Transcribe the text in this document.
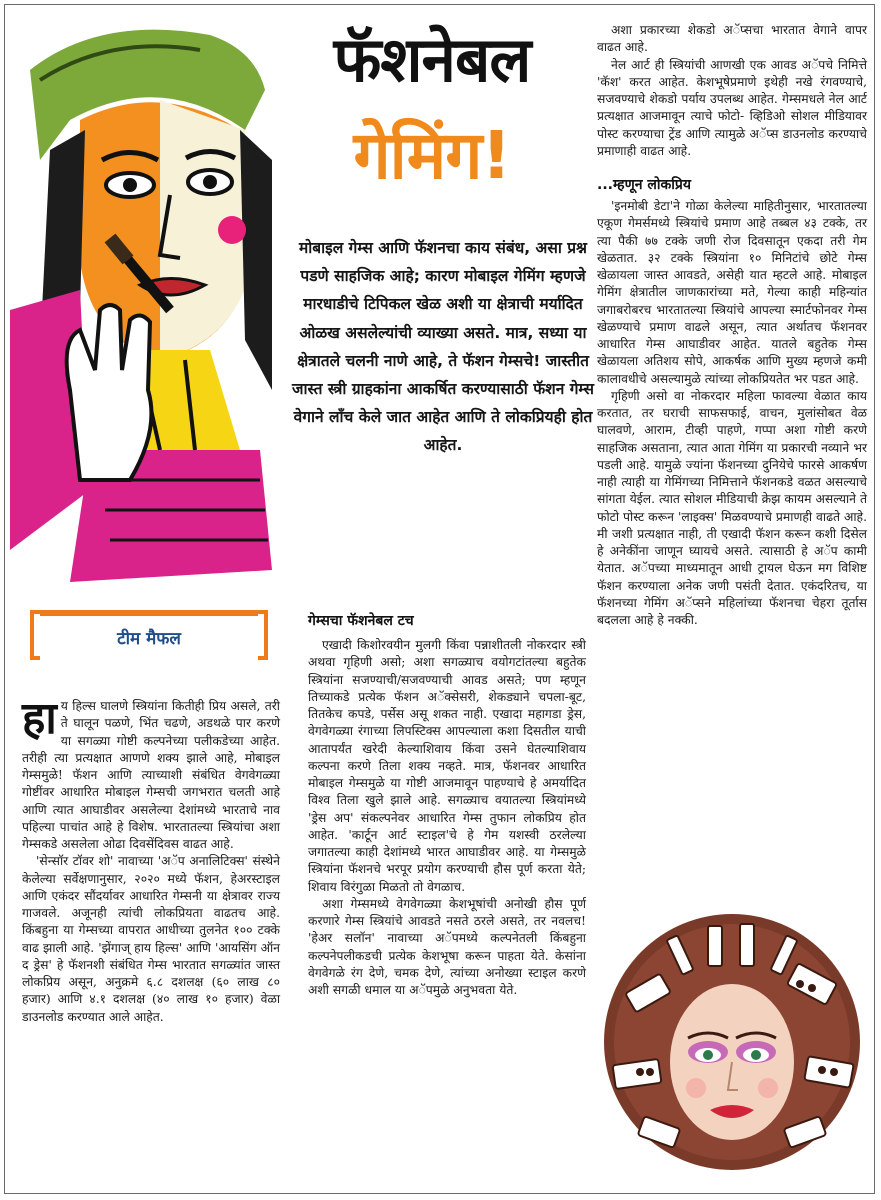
फॅशनेबल
गेमिंग!

मोबाइल गेम्स आणि फॅशनचा काय संबंध, असा प्रश्न पडणे साहजिक आहे; कारण मोबाइल गेमिंग म्हणजे मारधाडीचे टिपिकल खेळ अशी या क्षेत्राची मर्यादित ओळख असलेल्यांची व्याख्या असते. मात्र, सध्या या क्षेत्रातले चलनी नाणे आहे, ते फॅशन गेम्सचे! जास्तीत जास्त स्त्री ग्राहकांना आकर्षित करण्यासाठी फॅशन गेम्स वेगाने लाँच केले जात आहेत आणि ते लोकप्रियही होत आहेत.

टीम मैफल

हाय हिल्स घालणे स्त्रियांना कितीही प्रिय असले, तरी ते घालून पळणे, भिंत चढणे, अडथळे पार करणे या सगळ्या गोष्टी कल्पनेच्या पलीकडेच्या आहेत. तरीही त्या प्रत्यक्षात आणणे शक्य झाले आहे, मोबाइल गेम्समुळे! फॅशन आणि त्याच्याशी संबंधित वेगवेगळ्या गोष्टींवर आधारित मोबाइल गेम्सची जगभरात चलती आहे आणि त्यात आघाडीवर असलेल्या देशांमध्ये भारताचे नाव पहिल्या पाचांत आहे हे विशेष. भारतातल्या स्त्रियांचा अशा गेम्सकडे असलेला ओढा दिवसेंदिवस वाढत आहे.

'सेन्सॉर टॉवर शो' नावाच्या 'अॅप अनालिटिक्स' संस्थेने केलेल्या सर्वेक्षणानुसार, २०२० मध्ये फॅशन, हेअरस्टाइल आणि एकंदर सौंदर्यावर आधारित गेम्सनी या क्षेत्रावर राज्य गाजवले. अजूनही त्यांची लोकप्रियता वाढतच आहे. किंबहुना या गेम्सच्या वापरात आधीच्या तुलनेत १०० टक्के वाढ झाली आहे. 'झेंगाज् हाय हिल्स' आणि 'आयसिंग ऑन द ड्रेस' हे फॅशनशी संबंधित गेम्स भारतात सगळ्यांत जास्त लोकप्रिय असून, अनुक्रमे ६.८ दशलक्ष (६० लाख ८० हजार) आणि ४.१ दशलक्ष (४० लाख १० हजार) वेळा डाउनलोड करण्यात आले आहेत.

गेम्सचा फॅशनेबल टच

एखादी किशोरवयीन मुलगी किंवा पन्नाशीतली नोकरदार स्त्री अथवा गृहिणी असो; अशा सगळ्याच वयोगटांतल्या बहुतेक स्त्रियांना सजण्याची/सजवण्याची आवड असते; पण म्हणून तिच्याकडे प्रत्येक फॅशन अॅक्सेसरी, शेकड्याने चपला-बूट, तितकेच कपडे, पर्सेस असू शकत नाही. एखादा महागडा ड्रेस, वेगवेगळ्या रंगाच्या लिपस्टिक्स आपल्याला कशा दिसतील याची आतापर्यंत खरेदी केल्याशिवाय किंवा उसने घेतल्याशिवाय कल्पना करणे तिला शक्य नव्हते. मात्र, फॅशनवर आधारित मोबाइल गेम्समुळे या गोष्टी आजमावून पाहण्याचे हे अमर्यादित विश्व तिला खुले झाले आहे. सगळ्याच वयातल्या स्त्रियांमध्ये 'ड्रेस अप' संकल्पनेवर आधारित गेम्स तुफान लोकप्रिय होत आहेत. 'कार्टून आर्ट स्टाइल'चे हे गेम यशस्वी ठरलेल्या जगातल्या काही देशांमध्ये भारत आघाडीवर आहे. या गेम्समुळे स्त्रियांना फॅशनचे भरपूर प्रयोग करण्याची हौस पूर्ण करता येते; शिवाय विरंगुळा मिळतो तो वेगळाच.

अशा गेम्समध्ये वेगवेगळ्या केशभूषांची अनोखी हौस पूर्ण करणारे गेम्स स्त्रियांचे आवडते नसते ठरले असते, तर नवलच! 'हेअर सलॉन' नावाच्या अॅपमध्ये कल्पनेतली किंबहुना कल्पनेपलीकडची प्रत्येक केशभूषा करून पाहता येते. केसांना वेगवेगळे रंग देणे, चमक देणे, त्यांच्या अनोख्या स्टाइल करणे अशी सगळी धमाल या अॅपमुळे अनुभवता येते.

अशा प्रकारच्या शेकडो अॅप्सचा भारतात वेगाने वापर वाढत आहे.

नेल आर्ट ही स्त्रियांची आणखी एक आवड अॅपचे निमित्ते 'कॅश' करत आहेत. केशभूषेप्रमाणे इथेही नखे रंगवण्याचे, सजवण्याचे शेकडो पर्याय उपलब्ध आहेत. गेम्समधले नेल आर्ट प्रत्यक्षात आजमावून त्याचे फोटो- व्हिडिओ सोशल मीडियावर पोस्ट करण्याचा ट्रेंड आणि त्यामुळे अॅप्स डाउनलोड करण्याचे प्रमाणाही वाढत आहे.

...म्हणून लोकप्रिय

'इनमोबी डेटा'ने गोळा केलेल्या माहितीनुसार, भारतातल्या एकूण गेमर्समध्ये स्त्रियांचे प्रमाण आहे तब्बल ४३ टक्के, तर त्या पैकी ७७ टक्के जणी रोज दिवसातून एकदा तरी गेम खेळतात. ३२ टक्के स्त्रियांना १० मिनिटांचे छोटे गेम्स खेळायला जास्त आवडते, असेही यात म्हटले आहे. मोबाइल गेमिंग क्षेत्रातील जाणकारांच्या मते, गेल्या काही महिन्यांत जगाबरोबरच भारतातल्या स्त्रियांचे आपल्या स्मार्टफोनवर गेम्स खेळण्याचे प्रमाण वाढले असून, त्यात अर्थातच फॅशनवर आधारित गेम्स आघाडीवर आहेत. यातले बहुतेक गेम्स खेळायला अतिशय सोपे, आकर्षक आणि मुख्य म्हणजे कमी कालावधीचे असल्यामुळे त्यांच्या लोकप्रियतेत भर पडत आहे.

गृहिणी असो वा नोकरदार महिला फावल्या वेळात काय करतात, तर घराची साफसफाई, वाचन, मुलांसोबत वेळ घालवणे, आराम, टीव्ही पाहणे, गप्पा अशा गोष्टी करणे साहजिक असताना, त्यात आता गेमिंग या प्रकारची नव्याने भर पडली आहे. यामुळे ज्यांना फॅशनच्या दुनियेचे फारसे आकर्षण नाही त्याही या गेमिंगच्या निमित्ताने फॅशनकडे वळत असल्याचे सांगता येईल. त्यात सोशल मीडियाची क्रेझ कायम असल्याने ते फोटो पोस्ट करून 'लाइक्स' मिळवण्याचे प्रमाणही वाढते आहे. मी जशी प्रत्यक्षात नाही, ती एखादी फॅशन करून कशी दिसेल हे अनेकींना जाणून घ्यायचे असते. त्यासाठी हे अॅप कामी येतात. अॅपच्या माध्यमातून आधी ट्रायल घेऊन मग विशिष्ट फॅशन करण्याला अनेक जणी पसंती देतात. एकंदरितच, या फॅशनच्या गेमिंग अॅप्सने महिलांच्या फॅशनचा चेहरा तूर्तास बदलला आहे हे नक्की.
